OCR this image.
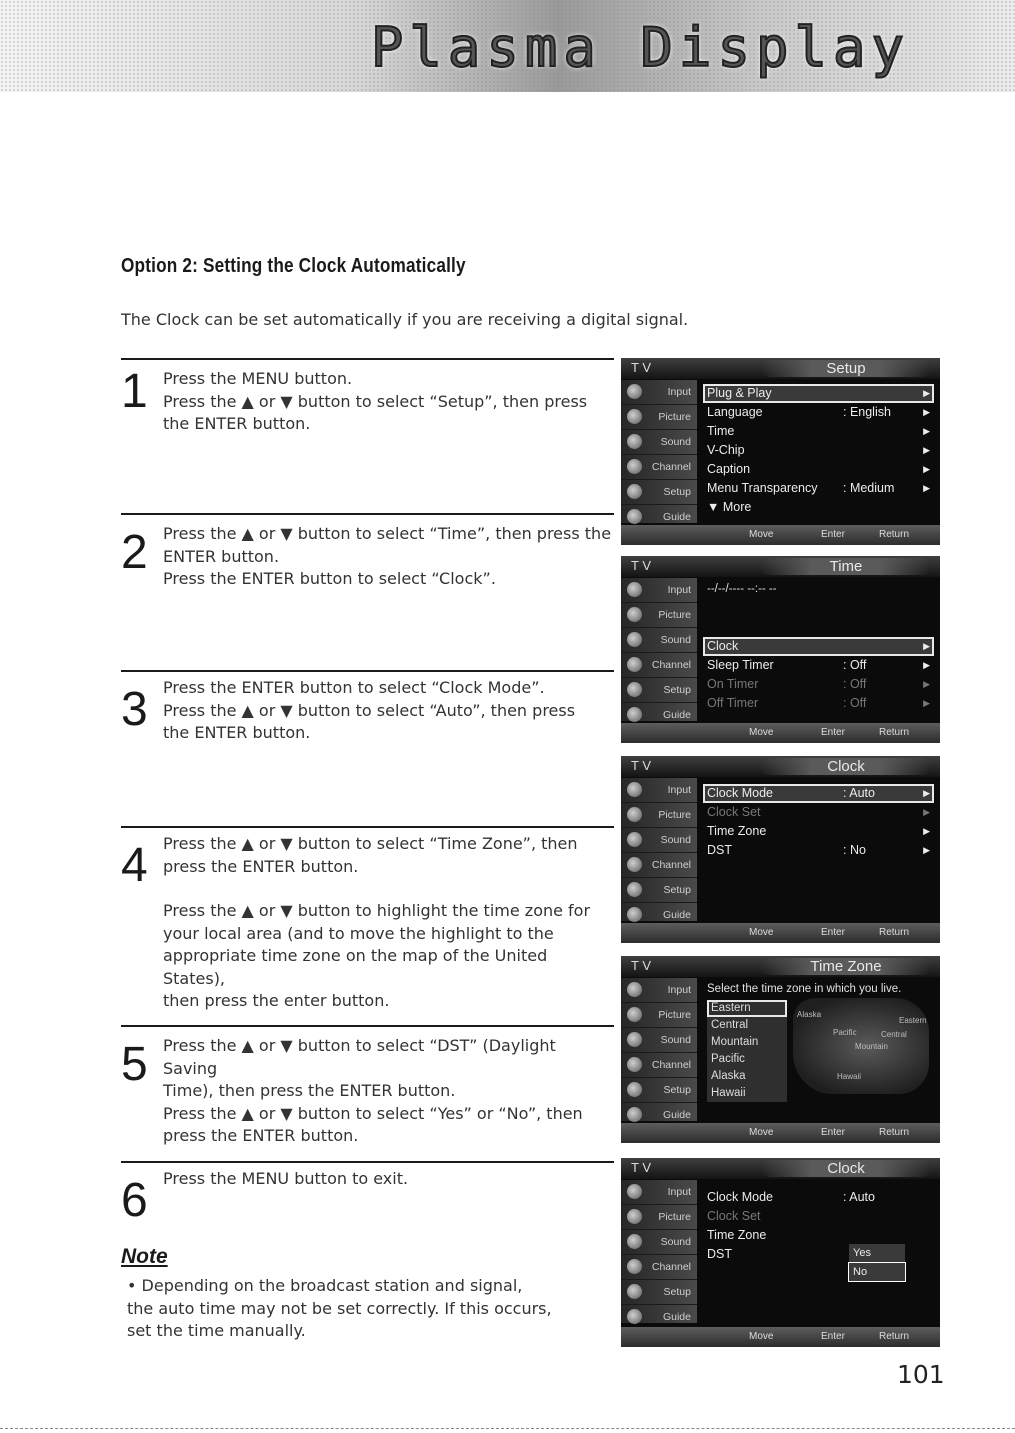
Plasma Display
Option 2: Setting the Clock Automatically
The Clock can be set automatically if you are receiving a digital signal.
1 Press the MENU button.

Press the ▲ or ▼ button to select “Setup”, then press

the ENTER button.

2 Press the ▲ or ▼ button to select “Time”, then press the

ENTER button.

Press the ENTER button to select “Clock”.

3 Press the ENTER button to select “Clock Mode”.

Press the ▲ or ▼ button to select “Auto”, then press

the ENTER button.

4 Press the ▲ or ▼ button to select “Time Zone”, then

press the ENTER button.

Press the ▲ or ▼ button to highlight the time zone for

your local area (and to move the highlight to the

appropriate time zone on the map of the United States),

then press the enter button.

5 Press the ▲ or ▼ button to select “DST” (Daylight Saving

Time), then press the ENTER button.

Press the ▲ or ▼ button to select “Yes” or “No”, then

press the ENTER button.

6 Press the MENU button to exit.

Note

• Depending on the broadcast station and signal,

the auto time may not be set correctly. If this occurs,

set the time manually.

T V	Setup
Input
Picture
Sound
Channel
Setup
Guide
Plug & Play	▶
Language	: English	▶
Time	▶
V-Chip	▶
Caption	▶
Menu Transparency : Medium	▶
▼ More
Move	Enter	Return
T V	Time
Input
Picture
Sound
Channel
Setup
Guide
--/--/---- --:-- --
Clock	▶
Sleep Timer	: Off	▶
On Timer	: Off	▶
Off Timer	: Off	▶
Move	Enter	Return
T V	Clock
Input
Picture
Sound
Channel
Setup
Guide
Clock Mode	: Auto	▶
Clock Set	▶
Time Zone	▶
DST	: No	▶
Move	Enter	Return
T V	Time Zone
Input
Picture
Sound
Channel
Setup
Guide
Select the time zone in which you live.
Eastern
Central
Mountain
Pacific
Alaska
Hawaii
Alaska
Pacific
Mountain
Central
Eastern
Hawaii
Move	Enter	Return
T V	Clock
Input
Picture
Sound
Channel
Setup
Guide
Clock Mode	: Auto
Clock Set
Time Zone
DST	Yes
No
Move	Enter	Return
101
